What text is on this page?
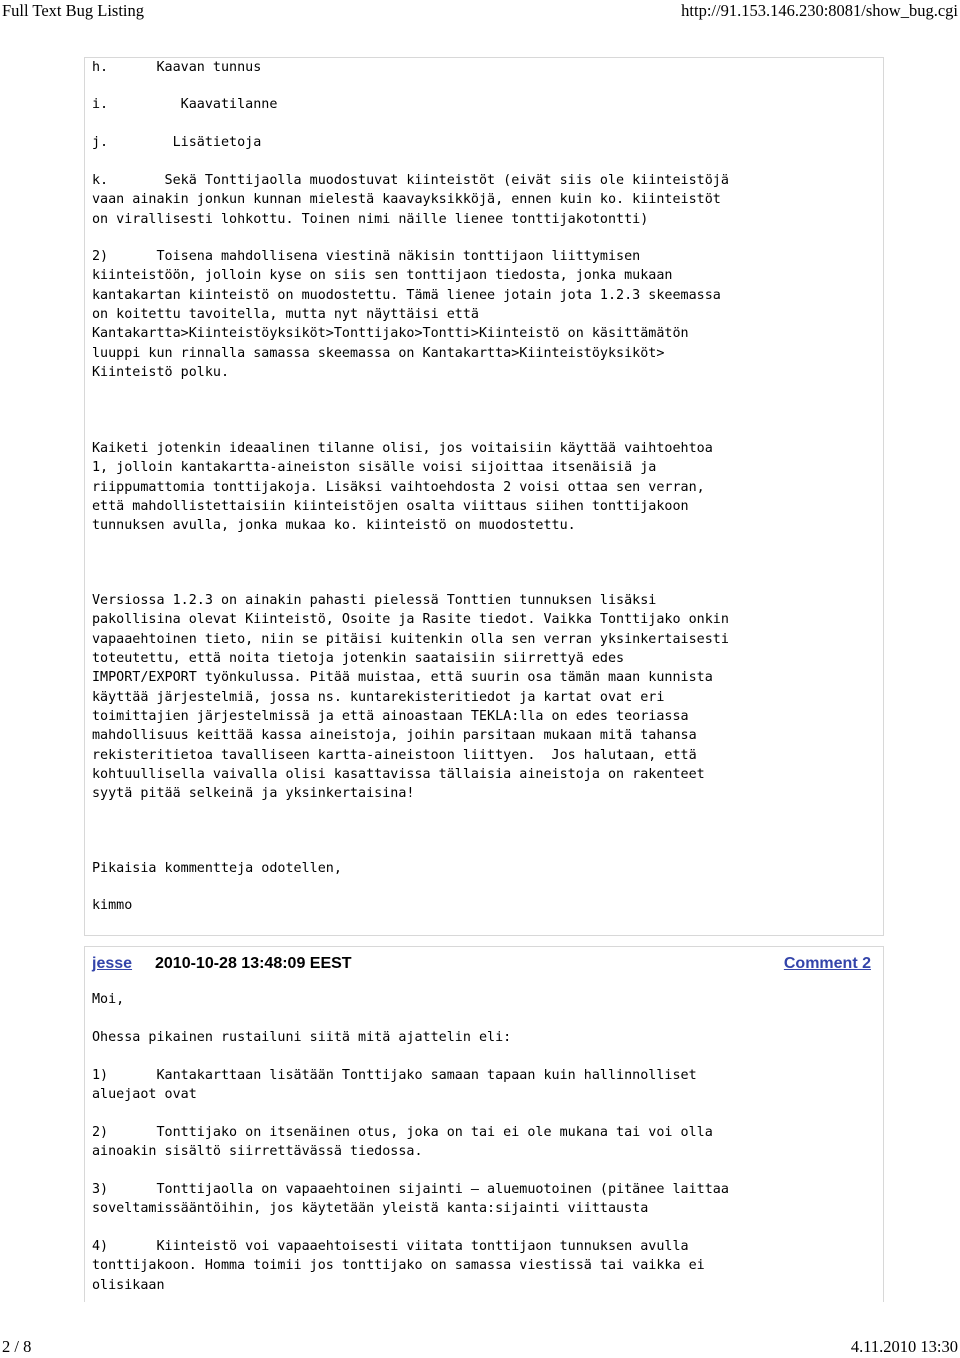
Full Text Bug Listing	http://91.153.146.230:8081/show_bug.cgi
h.      Kaavan tunnus
i.         Kaavatilanne
j.        Lisätietoja
k.       Sekä Tonttijaolla muodostuvat kiinteistöt (eivät siis ole kiinteistöjä
vaan ainakin jonkun kunnan mielestä kaavayksikköjä, ennen kuin ko. kiinteistöt
on virallisesti lohkottu. Toinen nimi näille lienee tonttijakotontti)
2)      Toisena mahdollisena viestinä näkisin tonttijaon liittymisen
kiinteistöön, jolloin kyse on siis sen tonttijaon tiedosta, jonka mukaan
kantakartan kiinteistö on muodostettu. Tämä lienee jotain jota 1.2.3 skeemassa
on koitettu tavoitella, mutta nyt näyttäisi että
Kantakartta>Kiinteistöyksiköt>Tonttijako>Tontti>Kiinteistö on käsittämätön
luuppi kun rinnalla samassa skeemassa on Kantakartta>Kiinteistöyksiköt>
Kiinteistö polku.
Kaiketi jotenkin ideaalinen tilanne olisi, jos voitaisiin käyttää vaihtoehtoa
1, jolloin kantakartta-aineiston sisälle voisi sijoittaa itsenäisiä ja
riippumattomia tonttijakoja. Lisäksi vaihtoehdosta 2 voisi ottaa sen verran,
että mahdollistettaisiin kiinteistöjen osalta viittaus siihen tonttijakoon
tunnuksen avulla, jonka mukaa ko. kiinteistö on muodostettu.
Versiossa 1.2.3 on ainakin pahasti pielessä Tonttien tunnuksen lisäksi
pakollisina olevat Kiinteistö, Osoite ja Rasite tiedot. Vaikka Tonttijako onkin
vapaaehtoinen tieto, niin se pitäisi kuitenkin olla sen verran yksinkertaisesti
toteutettu, että noita tietoja jotenkin saataisiin siirrettyä edes
IMPORT/EXPORT työnkulussa. Pitää muistaa, että suurin osa tämän maan kunnista
käyttää järjestelmiä, jossa ns. kuntarekisteritiedot ja kartat ovat eri
toimittajien järjestelmissä ja että ainoastaan TEKLA:lla on edes teoriassa
mahdollisuus keittää kassa aineistoja, joihin parsitaan mukaan mitä tahansa
rekisteritietoa tavalliseen kartta-aineistoon liittyen.  Jos halutaan, että
kohtuullisella vaivalla olisi kasattavissa tällaisia aineistoja on rakenteet
syytä pitää selkeinä ja yksinkertaisina!
Pikaisia kommentteja odotellen,
kimmo
jesse 2010-10-28 13:48:09 EEST	Comment 2
Moi,
Ohessa pikainen rustailuni siitä mitä ajattelin eli:
1)      Kantakarttaan lisätään Tonttijako samaan tapaan kuin hallinnolliset
aluejaot ovat
2)      Tonttijako on itsenäinen otus, joka on tai ei ole mukana tai voi olla
ainoakin sisältö siirrettävässä tiedossa.
3)      Tonttijaolla on vapaaehtoinen sijainti – aluemuotoinen (pitänee laittaa
soveltamissääntöihin, jos käytetään yleistä kanta:sijainti viittausta
4)      Kiinteistö voi vapaaehtoisesti viitata tonttijaon tunnuksen avulla
tonttijakoon. Homma toimii jos tonttijako on samassa viestissä tai vaikka ei
olisikaan
2 / 8	4.11.2010 13:30
